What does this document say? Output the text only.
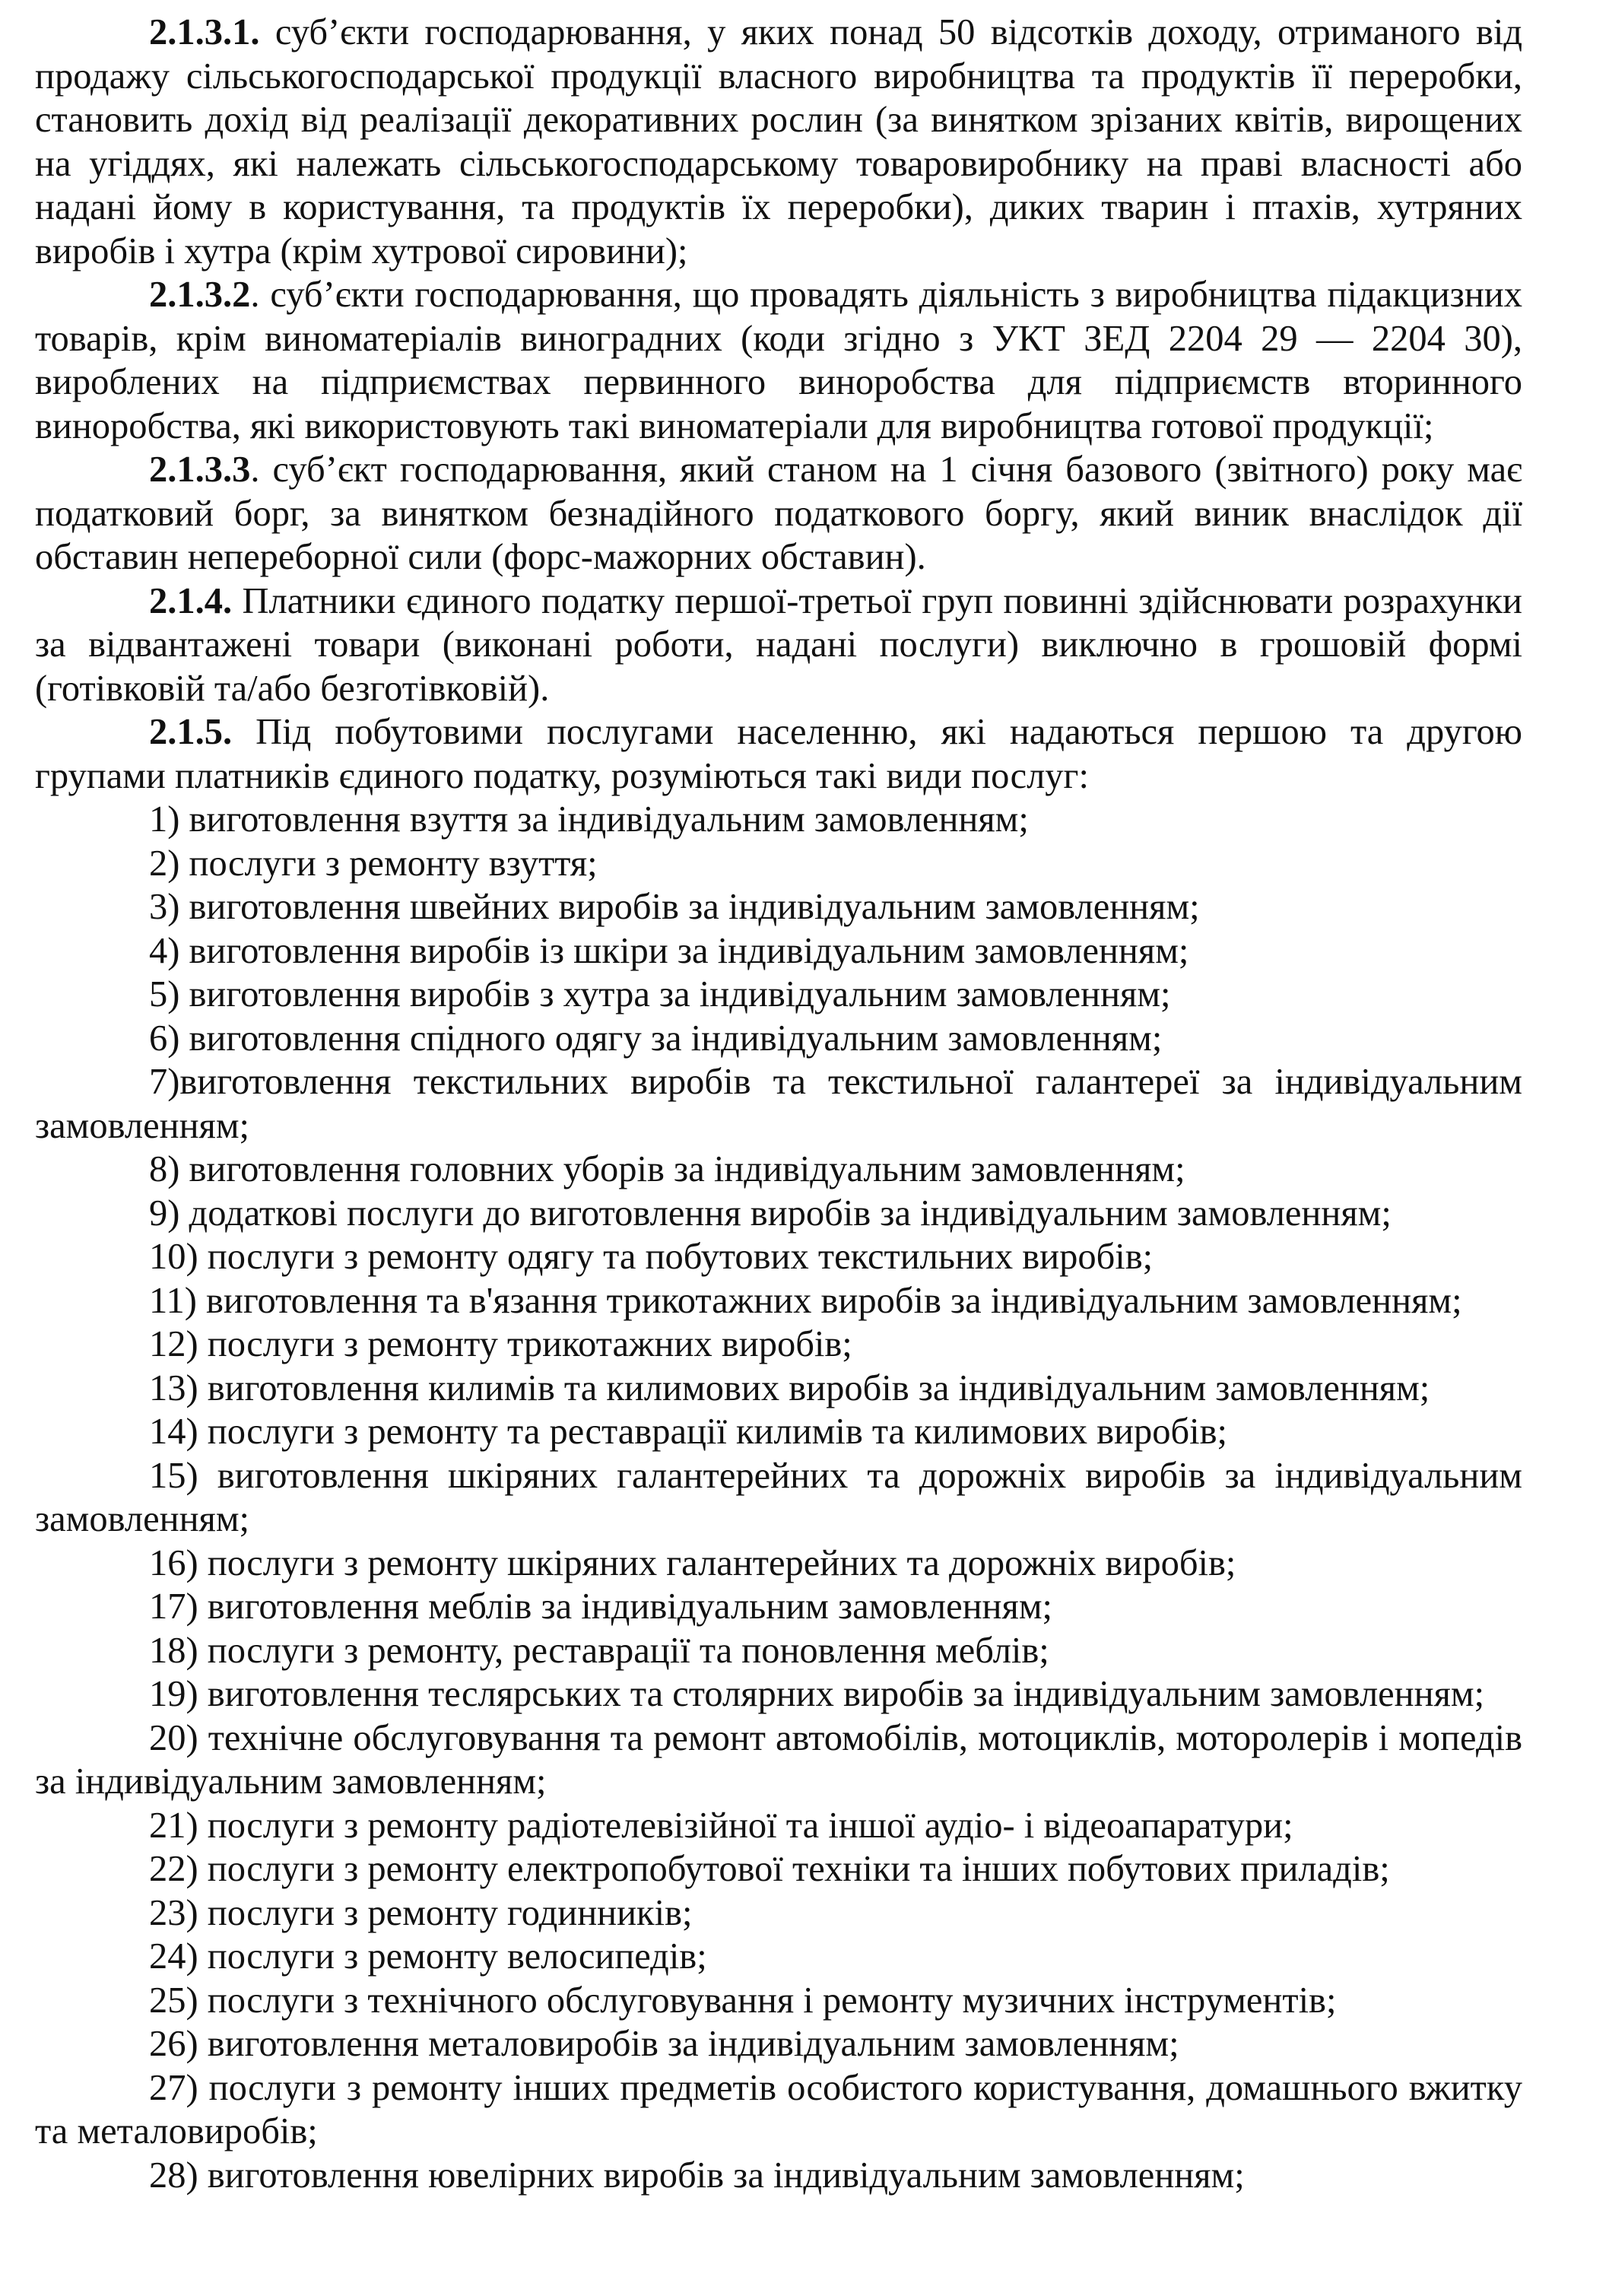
2.1.3.1. суб’єкти господарювання, у яких понад 50 відсотків доходу, отриманого від продажу сільськогосподарської продукції власного виробництва та продуктів її переробки, становить дохід від реалізації декоративних рослин (за винятком зрізаних квітів, вирощених на угіддях, які належать сільськогосподарському товаровиробнику на праві власності або надані йому в користування, та продуктів їх переробки), диких тварин і птахів, хутряних виробів і хутра (крім хутрової сировини);

2.1.3.2. суб’єкти господарювання, що провадять діяльність з виробництва підакцизних товарів, крім виноматеріалів виноградних (коди згідно з УКТ ЗЕД 2204 29 — 2204 30), вироблених на підприємствах первинного виноробства для підприємств вторинного виноробства, які використовують такі виноматеріали для виробництва готової продукції;

2.1.3.3. суб’єкт господарювання, який станом на 1 січня базового (звітного) року має податковий борг, за винятком безнадійного податкового боргу, який виник внаслідок дії обставин непереборної сили (форс-мажорних обставин).

2.1.4. Платники єдиного податку першої-третьої груп повинні здійснювати розрахунки за відвантажені товари (виконані роботи, надані послуги) виключно в грошовій формі (готівковій та/або безготівковій).

2.1.5. Під побутовими послугами населенню, які надаються першою та другою групами платників єдиного податку, розуміються такі види послуг:

1) виготовлення взуття за індивідуальним замовленням;

2) послуги з ремонту взуття;

3) виготовлення швейних виробів за індивідуальним замовленням;

4) виготовлення виробів із шкіри за індивідуальним замовленням;

5) виготовлення виробів з хутра за індивідуальним замовленням;

6) виготовлення спідного одягу за індивідуальним замовленням;

7)виготовлення текстильних виробів та текстильної галантереї за індивідуальним замовленням;

8) виготовлення головних уборів за індивідуальним замовленням;

9) додаткові послуги до виготовлення виробів за індивідуальним замовленням;

10) послуги з ремонту одягу та побутових текстильних виробів;

11) виготовлення та в'язання трикотажних виробів за індивідуальним замовленням;

12) послуги з ремонту трикотажних виробів;

13) виготовлення килимів та килимових виробів за індивідуальним замовленням;

14) послуги з ремонту та реставрації килимів та килимових виробів;

15) виготовлення шкіряних галантерейних та дорожніх виробів за індивідуальним замовленням;

16) послуги з ремонту шкіряних галантерейних та дорожніх виробів;

17) виготовлення меблів за індивідуальним замовленням;

18) послуги з ремонту, реставрації та поновлення меблів;

19) виготовлення теслярських та столярних виробів за індивідуальним замовленням;

20) технічне обслуговування та ремонт автомобілів, мотоциклів, моторолерів і мопедів за індивідуальним замовленням;

21) послуги з ремонту радіотелевізійної та іншої аудіо- і відеоапаратури;

22) послуги з ремонту електропобутової техніки та інших побутових приладів;

23) послуги з ремонту годинників;

24) послуги з ремонту велосипедів;

25) послуги з технічного обслуговування і ремонту музичних інструментів;

26) виготовлення металовиробів за індивідуальним замовленням;

27) послуги з ремонту інших предметів особистого користування, домашнього вжитку та металовиробів;

28) виготовлення ювелірних виробів за індивідуальним замовленням;
